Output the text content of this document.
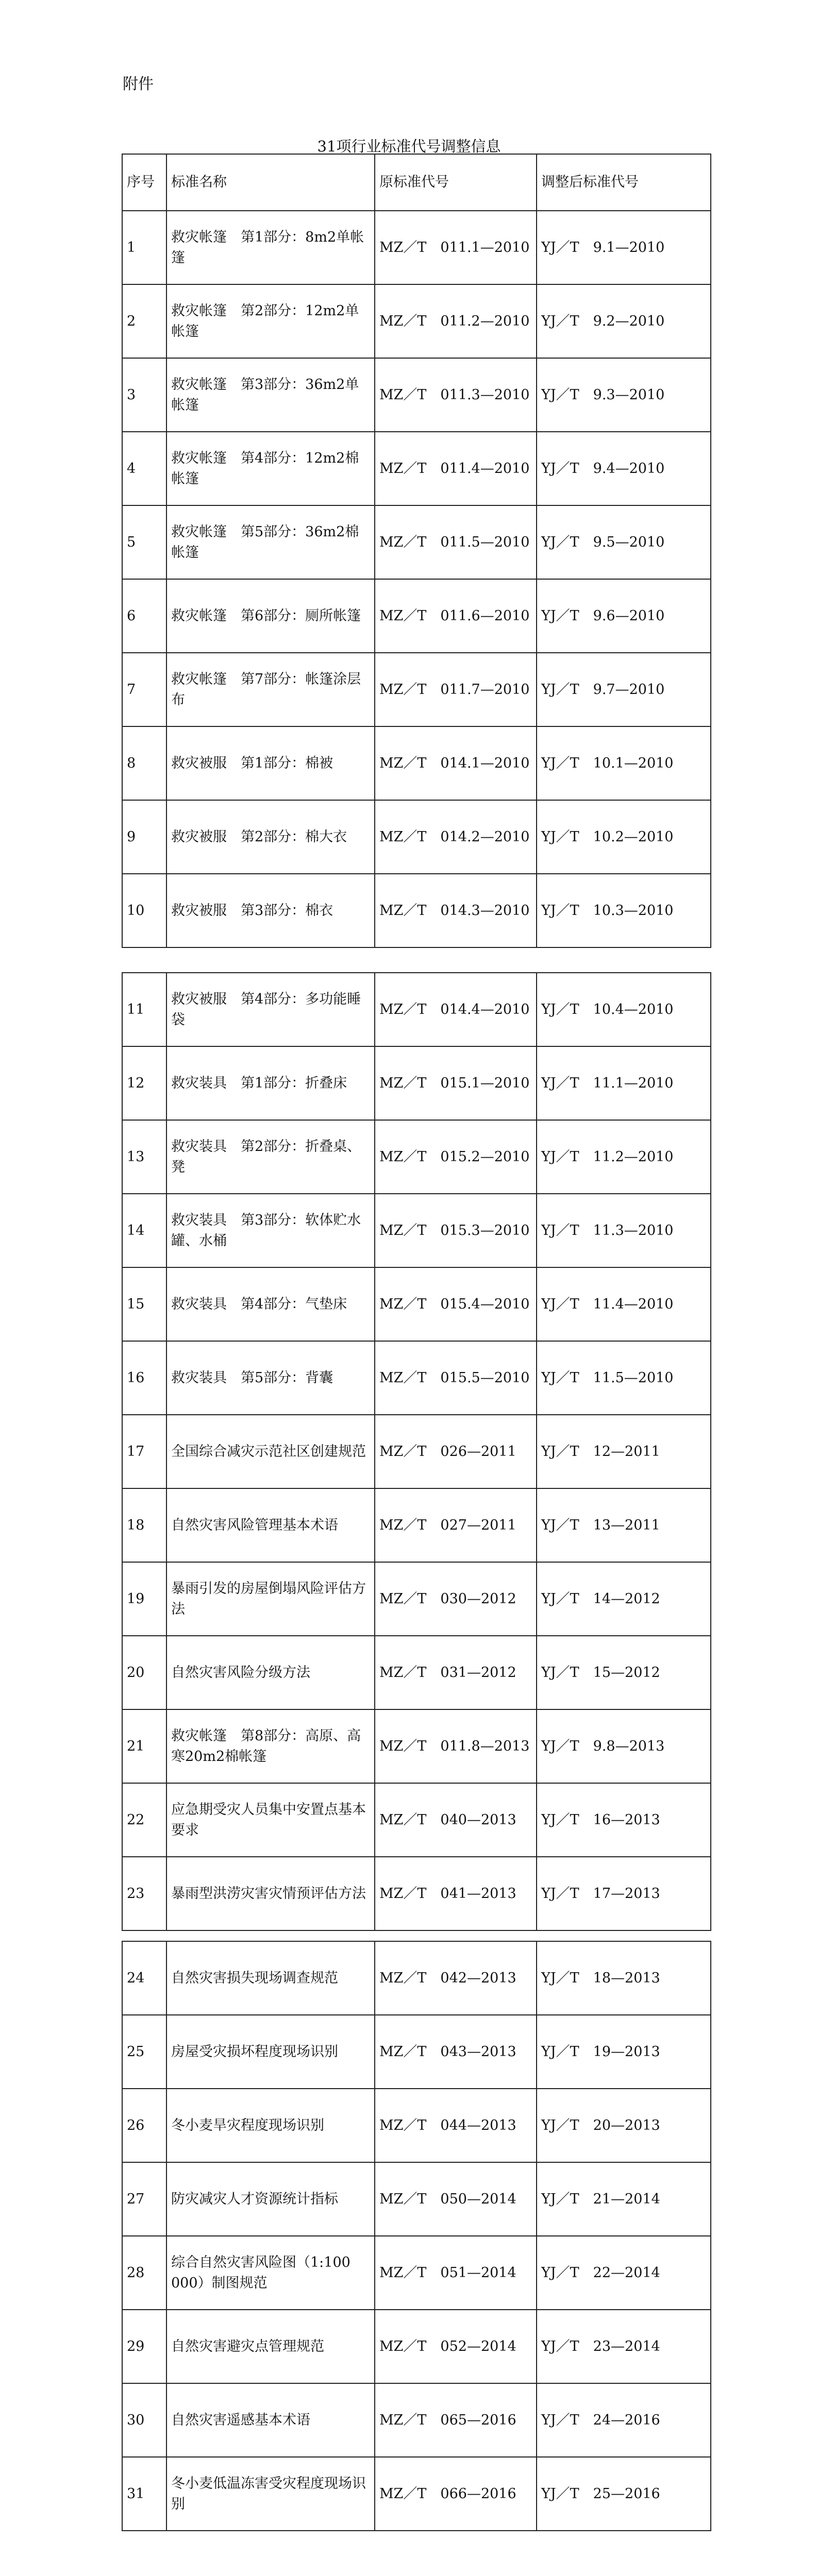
附件
31项行业标准代号调整信息
序号	标准名称	原标准代号	调整后标准代号
1	救灾帐篷　第1部分：8m2单帐篷	MZ／T　011.1—2010	YJ／T　9.1—2010
2	救灾帐篷　第2部分：12m2单帐篷	MZ／T　011.2—2010	YJ／T　9.2—2010
3	救灾帐篷　第3部分：36m2单帐篷	MZ／T　011.3—2010	YJ／T　9.3—2010
4	救灾帐篷　第4部分：12m2棉帐篷	MZ／T　011.4—2010	YJ／T　9.4—2010
5	救灾帐篷　第5部分：36m2棉帐篷	MZ／T　011.5—2010	YJ／T　9.5—2010
6	救灾帐篷　第6部分：厕所帐篷	MZ／T　011.6—2010	YJ／T　9.6—2010
7	救灾帐篷　第7部分：帐篷涂层布	MZ／T　011.7—2010	YJ／T　9.7—2010
8	救灾被服　第1部分：棉被	MZ／T　014.1—2010	YJ／T　10.1—2010
9	救灾被服　第2部分：棉大衣	MZ／T　014.2—2010	YJ／T　10.2—2010
10	救灾被服　第3部分：棉衣	MZ／T　014.3—2010	YJ／T　10.3—2010
11	救灾被服　第4部分：多功能睡袋	MZ／T　014.4—2010	YJ／T　10.4—2010
12	救灾装具　第1部分：折叠床	MZ／T　015.1—2010	YJ／T　11.1—2010
13	救灾装具　第2部分：折叠桌、凳	MZ／T　015.2—2010	YJ／T　11.2—2010
14	救灾装具　第3部分：软体贮水罐、水桶	MZ／T　015.3—2010	YJ／T　11.3—2010
15	救灾装具　第4部分：气垫床	MZ／T　015.4—2010	YJ／T　11.4—2010
16	救灾装具　第5部分：背囊	MZ／T　015.5—2010	YJ／T　11.5—2010
17	全国综合减灾示范社区创建规范	MZ／T　026—2011	YJ／T　12—2011
18	自然灾害风险管理基本术语	MZ／T　027—2011	YJ／T　13—2011
19	暴雨引发的房屋倒塌风险评估方法	MZ／T　030—2012	YJ／T　14—2012
20	自然灾害风险分级方法	MZ／T　031—2012	YJ／T　15—2012
21	救灾帐篷　第8部分：高原、高寒20m2棉帐篷	MZ／T　011.8—2013	YJ／T　9.8—2013
22	应急期受灾人员集中安置点基本要求	MZ／T　040—2013	YJ／T　16—2013
23	暴雨型洪涝灾害灾情预评估方法	MZ／T　041—2013	YJ／T　17—2013
24	自然灾害损失现场调查规范	MZ／T　042—2013	YJ／T　18—2013
25	房屋受灾损坏程度现场识别	MZ／T　043—2013	YJ／T　19—2013
26	冬小麦旱灾程度现场识别	MZ／T　044—2013	YJ／T　20—2013
27	防灾减灾人才资源统计指标	MZ／T　050—2014	YJ／T　21—2014
28	综合自然灾害风险图（1:100　000）制图规范	MZ／T　051—2014	YJ／T　22—2014
29	自然灾害避灾点管理规范	MZ／T　052—2014	YJ／T　23—2014
30	自然灾害遥感基本术语	MZ／T　065—2016	YJ／T　24—2016
31	冬小麦低温冻害受灾程度现场识别	MZ／T　066—2016	YJ／T　25—2016
